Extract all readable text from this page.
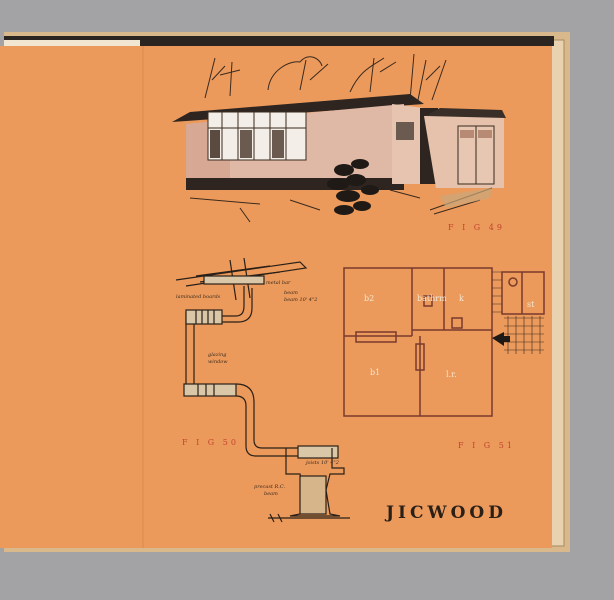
F I G 49
F I G 50	F I G 51
metal bar
laminated boards
beam
beam 10' 4"2
glazing
window
joists 10' 4"2
precast R.C.
beam
b2	bathrm k
st
b1	l.r.
JICWOOD
